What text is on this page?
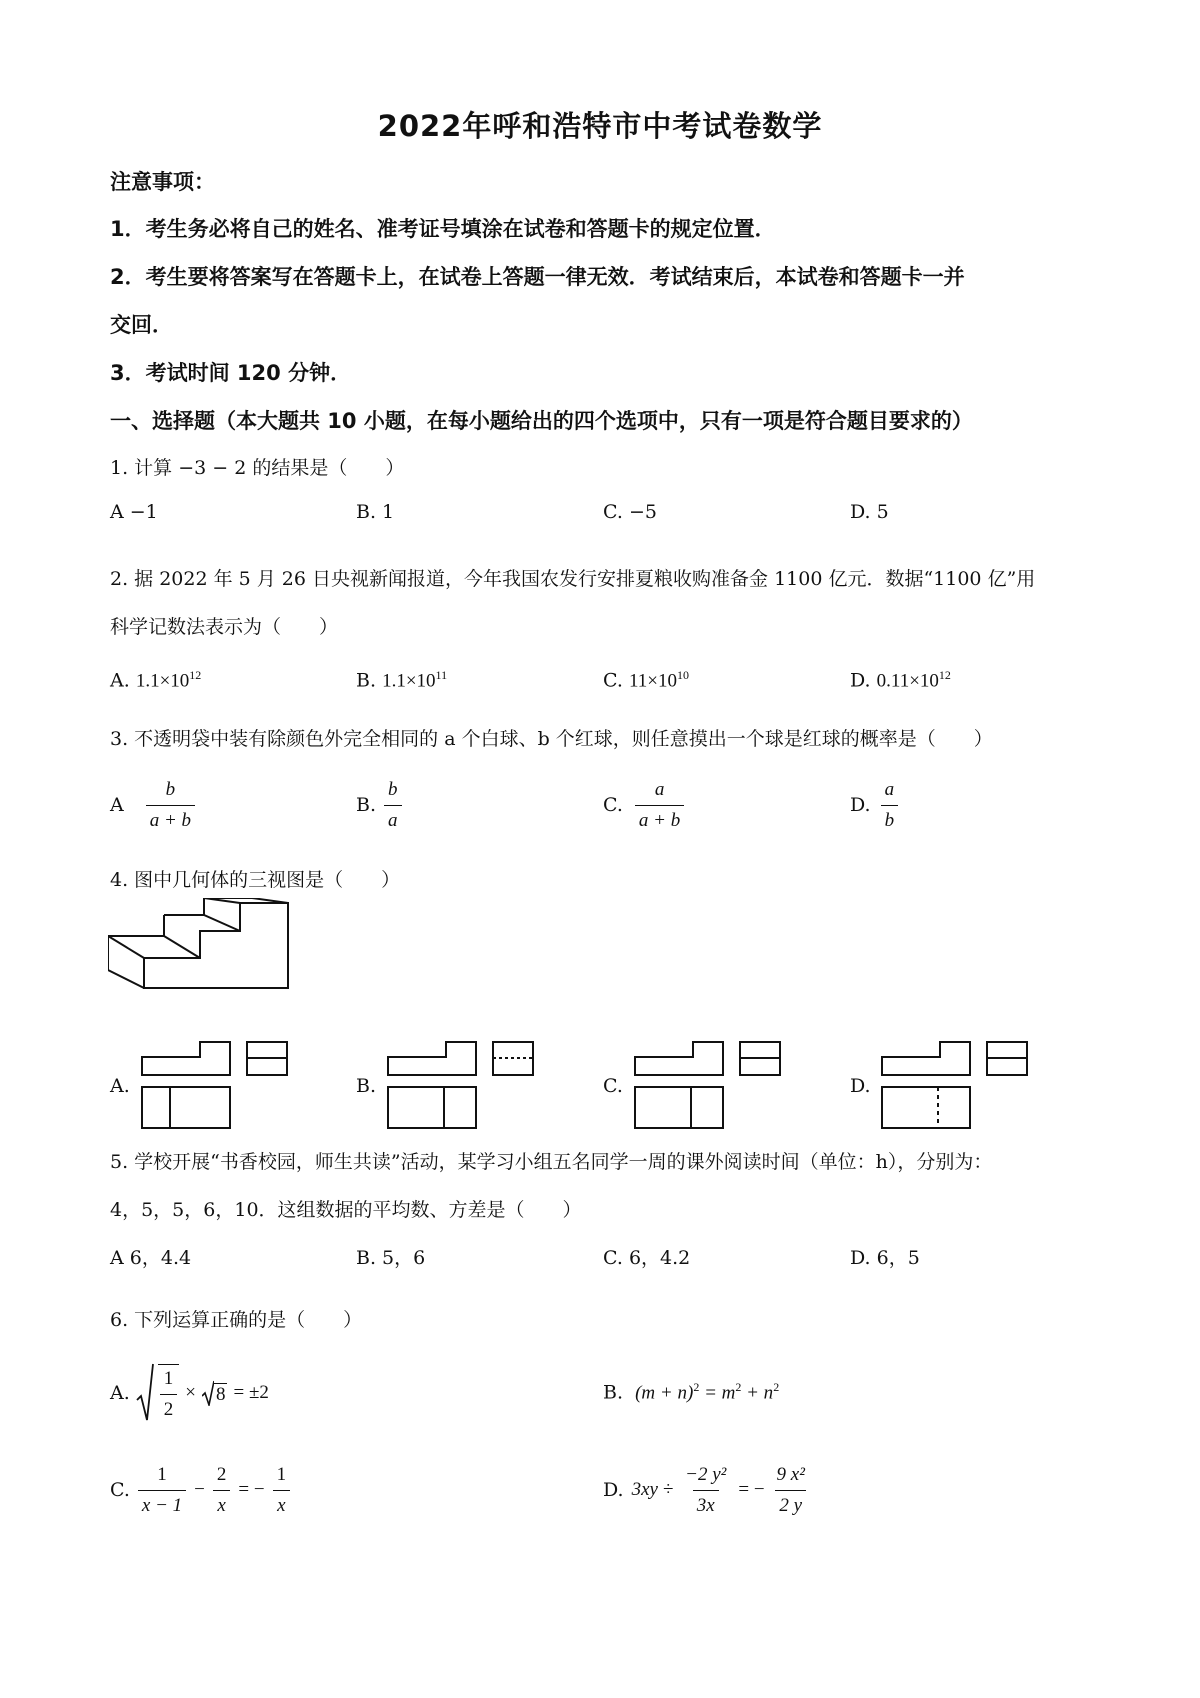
2022年呼和浩特市中考试卷数学
注意事项：
1．考生务必将自己的姓名、准考证号填涂在试卷和答题卡的规定位置．
2．考生要将答案写在答题卡上，在试卷上答题一律无效．考试结束后，本试卷和答题卡一并
交回．
3．考试时间 120 分钟．
一、选择题（本大题共 10 小题，在每小题给出的四个选项中，只有一项是符合题目要求的）
1. 计算 −3 − 2 的结果是（　　）
A −1	B. 1	C. −5	D. 5
2. 据 2022 年 5 月 26 日央视新闻报道，今年我国农发行安排夏粮收购准备金 1100 亿元．数据“1100 亿”用
科学记数法表示为（　　）
A. $1.1\times 10^{12}$	B. $1.1\times 10^{11}$	C. $11\times 10^{10}$	D. $0.11\times 10^{12}$
3. 不透明袋中装有除颜色外完全相同的 a 个白球、b 个红球，则任意摸出一个球是红球的概率是（　　）
A $\frac{b}{a + b}$	B. $\frac{b}{a}$	C. $\frac{a}{a + b}$	D. $\frac{a}{b}$
4. 图中几何体的三视图是（　　）
A.	B.	C.	D.
5. 学校开展“书香校园，师生共读”活动，某学习小组五名同学一周的课外阅读时间（单位：h），分别为：
4，5，5，6，10．这组数据的平均数、方差是（　　）
A 6，4.4	B. 5，6	C. 6，4.2	D. 6，5
6. 下列运算正确的是（　　）
A. $\frac{1}{2} \times 8 = \pm 2$	B. $(m + n)^2 = m^2 + n^2$
C. $\frac{1}{x - 1} - \frac{2}{x}$ = − $\frac{1}{x}$	D. $3xy \div \frac{\text{−2 y²}}{3x}$ = − $\frac{\text{9 x²}}{2 y}$
